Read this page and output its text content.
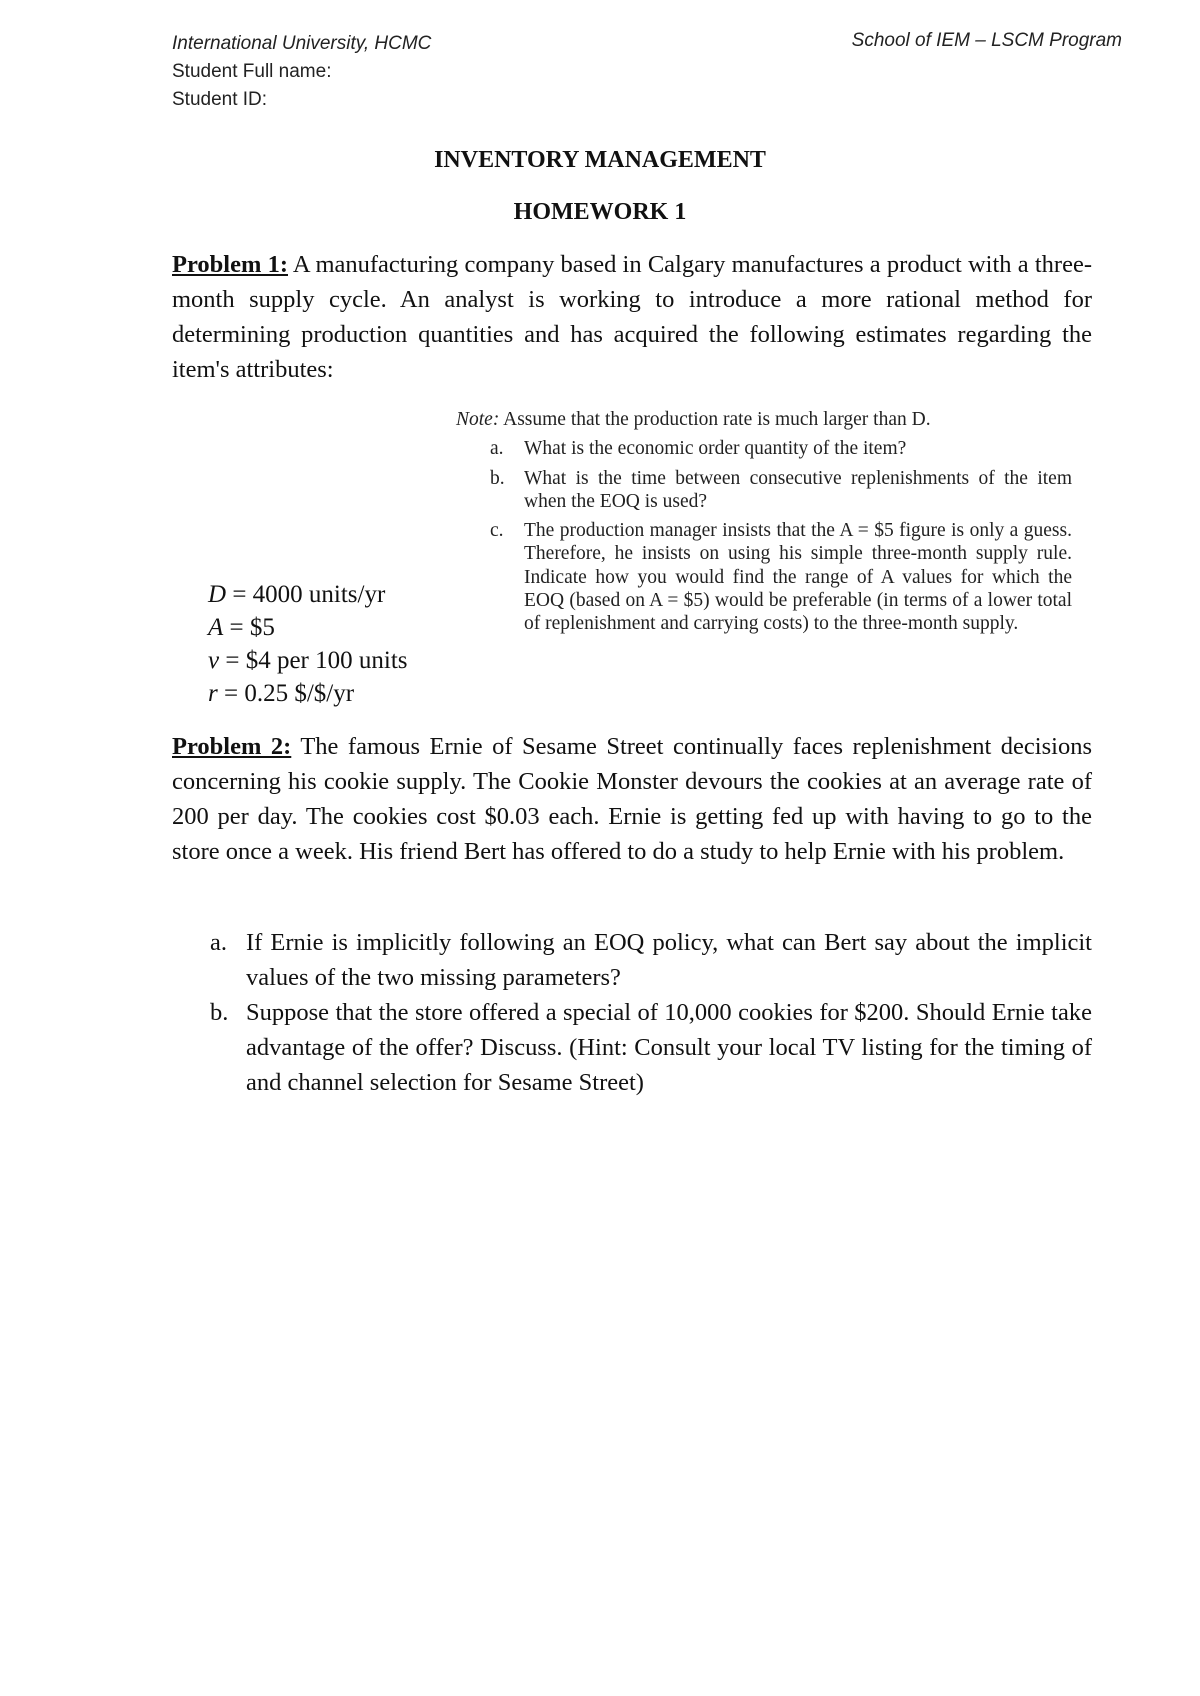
International University, HCMC
Student Full name:
Student ID:
School of IEM – LSCM Program
INVENTORY MANAGEMENT
HOMEWORK 1

Problem 1: A manufacturing company based in Calgary manufactures a product with a three-month supply cycle. An analyst is working to introduce a more rational method for determining production quantities and has acquired the following estimates regarding the item's attributes:

D = 4000 units/yr
A = $5
v = $4 per 100 units
r = 0.25 $/$/yr

Note: Assume that the production rate is much larger than D.

a. What is the economic order quantity of the item?

b. What is the time between consecutive replenishments of the item when the EOQ is used?

c. The production manager insists that the A = $5 figure is only a guess. Therefore, he insists on using his simple three-month supply rule. Indicate how you would find the range of A values for which the EOQ (based on A = $5) would be preferable (in terms of a lower total of replenishment and carrying costs) to the three-month supply.

Problem 2: The famous Ernie of Sesame Street continually faces replenishment decisions concerning his cookie supply. The Cookie Monster devours the cookies at an average rate of 200 per day. The cookies cost $0.03 each. Ernie is getting fed up with having to go to the store once a week. His friend Bert has offered to do a study to help Ernie with his problem.

a. If Ernie is implicitly following an EOQ policy, what can Bert say about the implicit values of the two missing parameters?
b. Suppose that the store offered a special of 10,000 cookies for $200. Should Ernie take advantage of the offer? Discuss. (Hint: Consult your local TV listing for the timing of and channel selection for Sesame Street)
